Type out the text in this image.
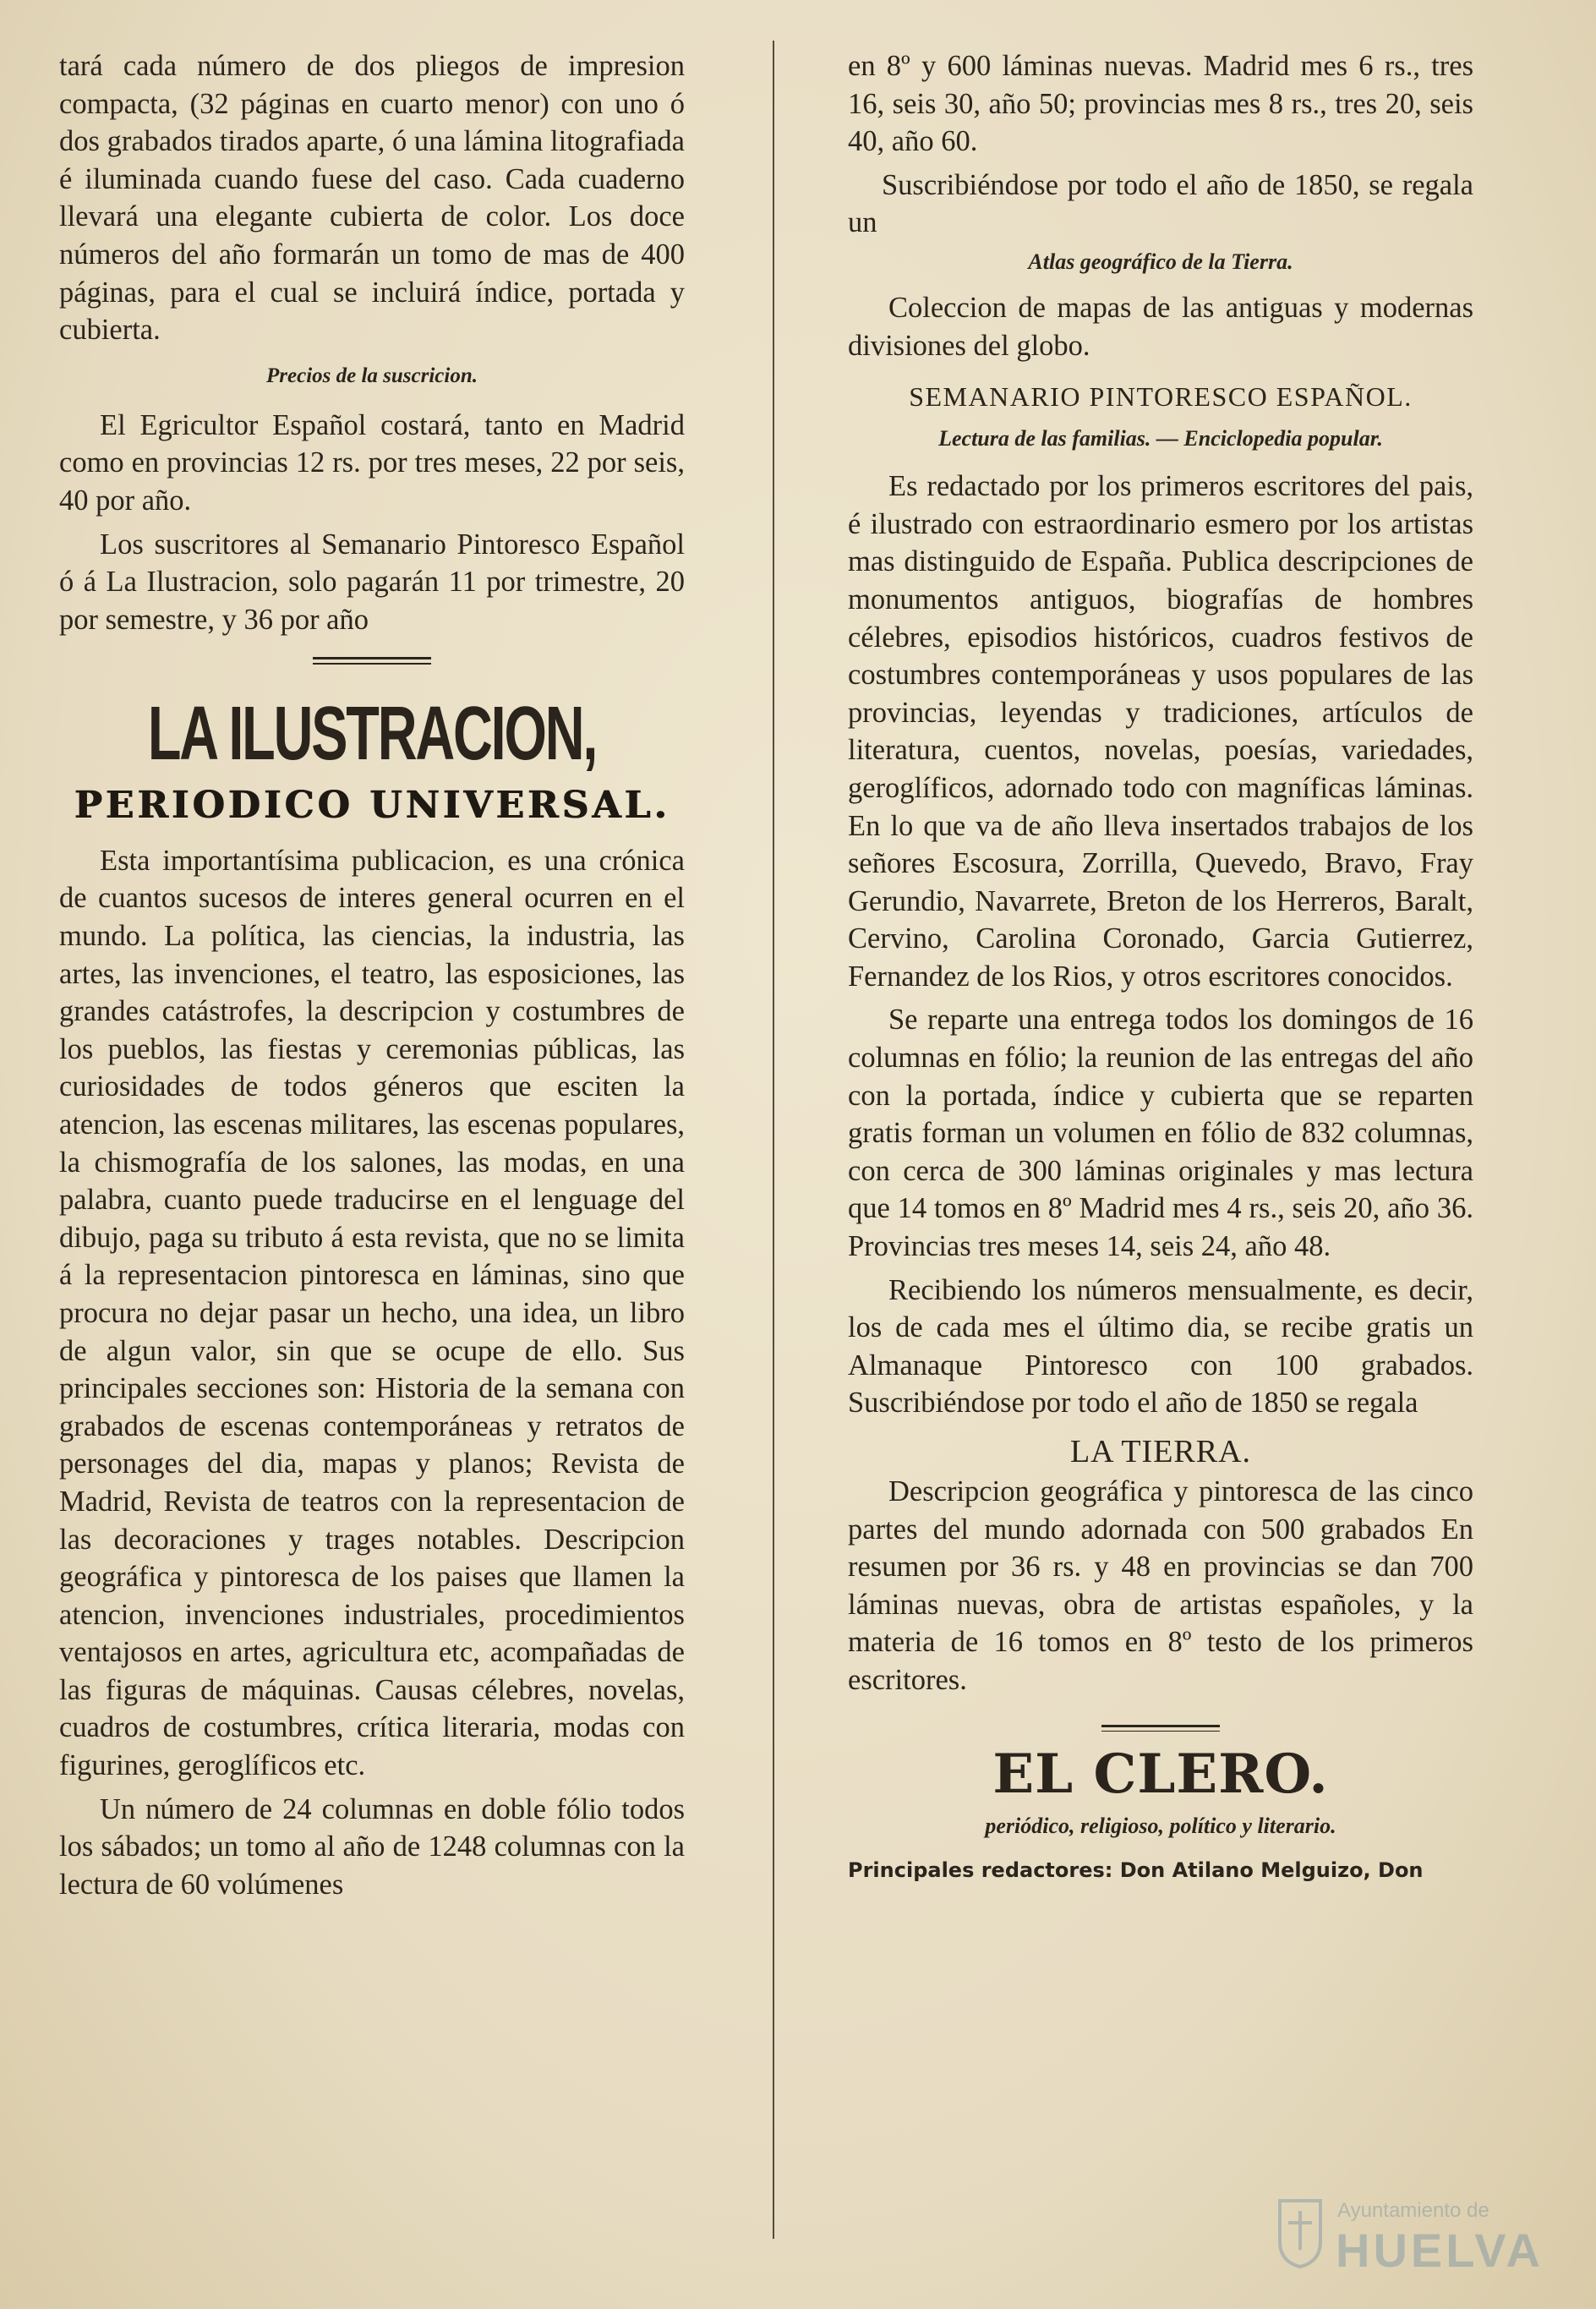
tará cada número de dos pliegos de impresion compacta, (32 páginas en cuarto menor) con uno ó dos grabados tirados aparte, ó una lámina litografiada é iluminada cuando fuese del caso. Cada cuaderno llevará una elegante cubierta de color. Los doce números del año formarán un tomo de mas de 400 páginas, para el cual se incluirá índice, portada y cubierta.

Precios de la suscricion.

El Egricultor Español costará, tanto en Madrid como en provincias 12 rs. por tres meses, 22 por seis, 40 por año.

Los suscritores al Semanario Pintoresco Español ó á La Ilustracion, solo pagarán 11 por trimestre, 20 por semestre, y 36 por año

LA ILUSTRACION,
PERIODICO UNIVERSAL.

Esta importantísima publicacion, es una crónica de cuantos sucesos de interes general ocurren en el mundo. La política, las ciencias, la industria, las artes, las invenciones, el teatro, las esposiciones, las grandes catástrofes, la descripcion y costumbres de los pueblos, las fiestas y ceremonias públicas, las curiosidades de todos géneros que esciten la atencion, las escenas militares, las escenas populares, la chismografía de los salones, las modas, en una palabra, cuanto puede traducirse en el lenguage del dibujo, paga su tributo á esta revista, que no se limita á la representacion pintoresca en láminas, sino que procura no dejar pasar un hecho, una idea, un libro de algun valor, sin que se ocupe de ello. Sus principales secciones son: Historia de la semana con grabados de escenas contemporáneas y retratos de personages del dia, mapas y planos; Revista de Madrid, Revista de teatros con la representacion de las decoraciones y trages notables. Descripcion geográfica y pintoresca de los paises que llamen la atencion, invenciones industriales, procedimientos ventajosos en artes, agricultura etc, acompañadas de las figuras de máquinas. Causas célebres, novelas, cuadros de costumbres, crítica literaria, modas con figurines, geroglíficos etc.

Un número de 24 columnas en doble fólio todos los sábados; un tomo al año de 1248 columnas con la lectura de 60 volúmenes

en 8º y 600 láminas nuevas. Madrid mes 6 rs., tres 16, seis 30, año 50; provincias mes 8 rs., tres 20, seis 40, año 60.

Suscribiéndose por todo el año de 1850, se regala un

Atlas geográfico de la Tierra.

Coleccion de mapas de las antiguas y modernas divisiones del globo.

SEMANARIO PINTORESCO ESPAÑOL.
Lectura de las familias. — Enciclopedia popular.

Es redactado por los primeros escritores del pais, é ilustrado con estraordinario esmero por los artistas mas distinguido de España. Publica descripciones de monumentos antiguos, biografías de hombres célebres, episodios históricos, cuadros festivos de costumbres contemporáneas y usos populares de las provincias, leyendas y tradiciones, artículos de literatura, cuentos, novelas, poesías, variedades, geroglíficos, adornado todo con magníficas láminas. En lo que va de año lleva insertados trabajos de los señores Escosura, Zorrilla, Quevedo, Bravo, Fray Gerundio, Navarrete, Breton de los Herreros, Baralt, Cervino, Carolina Coronado, Garcia Gutierrez, Fernandez de los Rios, y otros escritores conocidos.

Se reparte una entrega todos los domingos de 16 columnas en fólio; la reunion de las entregas del año con la portada, índice y cubierta que se reparten gratis forman un volumen en fólio de 832 columnas, con cerca de 300 láminas originales y mas lectura que 14 tomos en 8º Madrid mes 4 rs., seis 20, año 36. Provincias tres meses 14, seis 24, año 48.

Recibiendo los números mensualmente, es decir, los de cada mes el último dia, se recibe gratis un Almanaque Pintoresco con 100 grabados. Suscribiéndose por todo el año de 1850 se regala

LA TIERRA.

Descripcion geográfica y pintoresca de las cinco partes del mundo adornada con 500 grabados En resumen por 36 rs. y 48 en provincias se dan 700 láminas nuevas, obra de artistas españoles, y la materia de 16 tomos en 8º testo de los primeros escritores.

EL CLERO.
periódico, religioso, político y literario.
Principales redactores: Don Atilano Melguizo, Don
Ayuntamiento de
HUELVA
